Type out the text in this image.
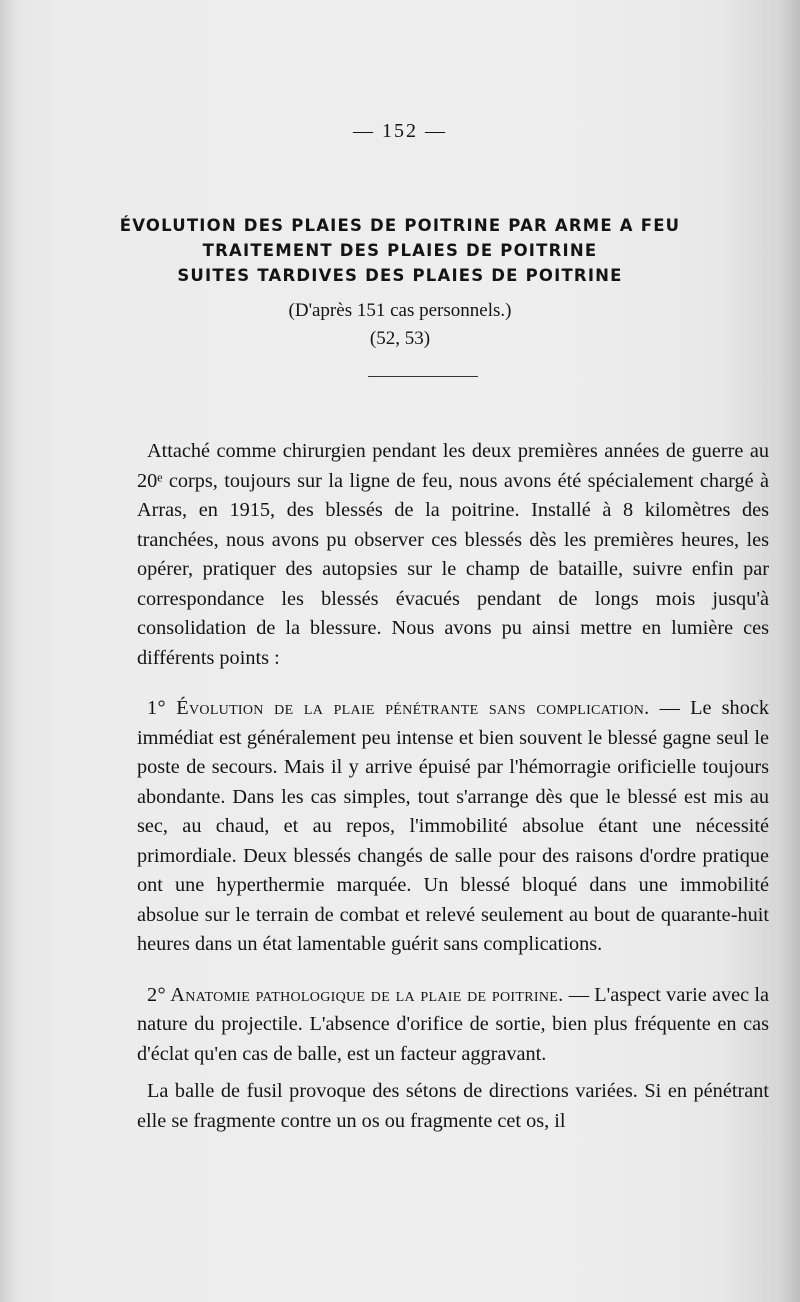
— 152 —
ÉVOLUTION DES PLAIES DE POITRINE PAR ARME A FEU
TRAITEMENT DES PLAIES DE POITRINE
SUITES TARDIVES DES PLAIES DE POITRINE
(D'après 151 cas personnels.)
(52, 53)

Attaché comme chirurgien pendant les deux premières années de guerre au 20ᵉ corps, toujours sur la ligne de feu, nous avons été spécialement chargé à Arras, en 1915, des blessés de la poitrine. Installé à 8 kilomètres des tranchées, nous avons pu observer ces blessés dès les premières heures, les opérer, pratiquer des autopsies sur le champ de bataille, suivre enfin par correspondance les blessés évacués pendant de longs mois jusqu'à consolidation de la blessure. Nous avons pu ainsi mettre en lumière ces différents points :

1° Évolution de la plaie pénétrante sans complication. — Le shock immédiat est généralement peu intense et bien souvent le blessé gagne seul le poste de secours. Mais il y arrive épuisé par l'hémorragie orificielle toujours abondante. Dans les cas simples, tout s'arrange dès que le blessé est mis au sec, au chaud, et au repos, l'immobilité absolue étant une nécessité primordiale. Deux blessés changés de salle pour des raisons d'ordre pratique ont une hyperthermie marquée. Un blessé bloqué dans une immobilité absolue sur le terrain de combat et relevé seulement au bout de quarante-huit heures dans un état lamentable guérit sans complications.

2° Anatomie pathologique de la plaie de poitrine. — L'aspect varie avec la nature du projectile. L'absence d'orifice de sortie, bien plus fréquente en cas d'éclat qu'en cas de balle, est un facteur aggravant.

La balle de fusil provoque des sétons de directions variées. Si en pénétrant elle se fragmente contre un os ou fragmente cet os, il
